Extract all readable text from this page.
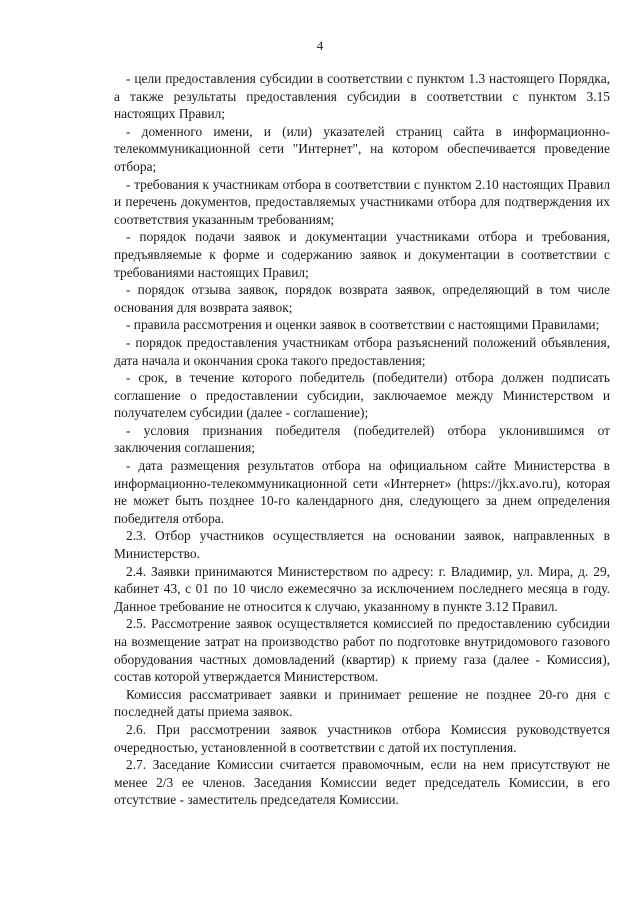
4

- цели предоставления субсидии в соответствии с пунктом 1.3 настоящего Порядка, а также результаты предоставления субсидии в соответствии с пунктом 3.15 настоящих Правил;

- доменного имени, и (или) указателей страниц сайта в информационно-телекоммуникационной сети "Интернет", на котором обеспечивается проведение отбора;

- требования к участникам отбора в соответствии с пунктом 2.10 настоящих Правил и перечень документов, предоставляемых участниками отбора для подтверждения их соответствия указанным требованиям;

- порядок подачи заявок и документации участниками отбора и требования, предъявляемые к форме и содержанию заявок и документации в соответствии с требованиями настоящих Правил;

- порядок отзыва заявок, порядок возврата заявок, определяющий в том числе основания для возврата заявок;

- правила рассмотрения и оценки заявок в соответствии с настоящими Правилами;

- порядок предоставления участникам отбора разъяснений положений объявления, дата начала и окончания срока такого предоставления;

- срок, в течение которого победитель (победители) отбора должен подписать соглашение о предоставлении субсидии, заключаемое между Министерством и получателем субсидии (далее - соглашение);

- условия признания победителя (победителей) отбора уклонившимся от заключения соглашения;

- дата размещения результатов отбора на официальном сайте Министерства в информационно-телекоммуникационной сети «Интернет» (https://jkx.avo.ru), которая не может быть позднее 10-го календарного дня, следующего за днем определения победителя отбора.

2.3. Отбор участников осуществляется на основании заявок, направленных в Министерство.

2.4. Заявки принимаются Министерством по адресу: г. Владимир, ул. Мира, д. 29, кабинет 43, с 01 по 10 число ежемесячно за исключением последнего месяца в году. Данное требование не относится к случаю, указанному в пункте 3.12 Правил.

2.5. Рассмотрение заявок осуществляется комиссией по предоставлению субсидии на возмещение затрат на производство работ по подготовке внутридомового газового оборудования частных домовладений (квартир) к приему газа (далее - Комиссия), состав которой утверждается Министерством.

Комиссия рассматривает заявки и принимает решение не позднее 20-го дня с последней даты приема заявок.

2.6. При рассмотрении заявок участников отбора Комиссия руководствуется очередностью, установленной в соответствии с датой их поступления.

2.7. Заседание Комиссии считается правомочным, если на нем присутствуют не менее 2/3 ее членов. Заседания Комиссии ведет председатель Комиссии, в его отсутствие - заместитель председателя Комиссии.
